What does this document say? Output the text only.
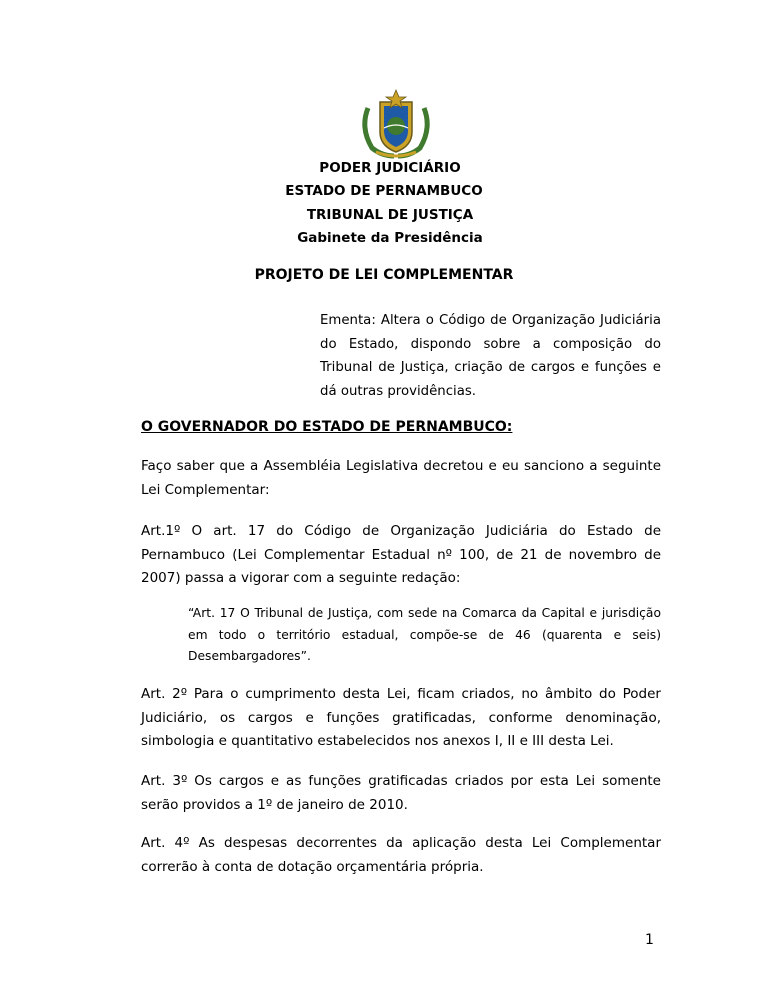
PODER JUDICIÁRIO
ESTADO DE PERNAMBUCO
TRIBUNAL DE JUSTIÇA
Gabinete da Presidência
PROJETO DE LEI COMPLEMENTAR
Ementa: Altera o Código de Organização Judiciária do Estado, dispondo sobre a composição do Tribunal de Justiça, criação de cargos e funções e dá outras providências.
O GOVERNADOR DO ESTADO DE PERNAMBUCO:
Faço saber que a Assembléia Legislativa decretou e eu sanciono a seguinte Lei Complementar:
Art.1º O art. 17 do Código de Organização Judiciária do Estado de Pernambuco (Lei Complementar Estadual nº 100, de 21 de novembro de 2007) passa a vigorar com a seguinte redação:
“Art. 17 O Tribunal de Justiça, com sede na Comarca da Capital e jurisdição em todo o território estadual, compõe-se de 46 (quarenta e seis) Desembargadores”.
Art. 2º Para o cumprimento desta Lei, ficam criados, no âmbito do Poder Judiciário, os cargos e funções gratificadas, conforme denominação, simbologia e quantitativo estabelecidos nos anexos I, II e III desta Lei.
Art. 3º Os cargos e as funções gratificadas criados por esta Lei somente serão providos a 1º de janeiro de 2010.
Art. 4º As despesas decorrentes da aplicação desta Lei Complementar correrão à conta de dotação orçamentária própria.
1
